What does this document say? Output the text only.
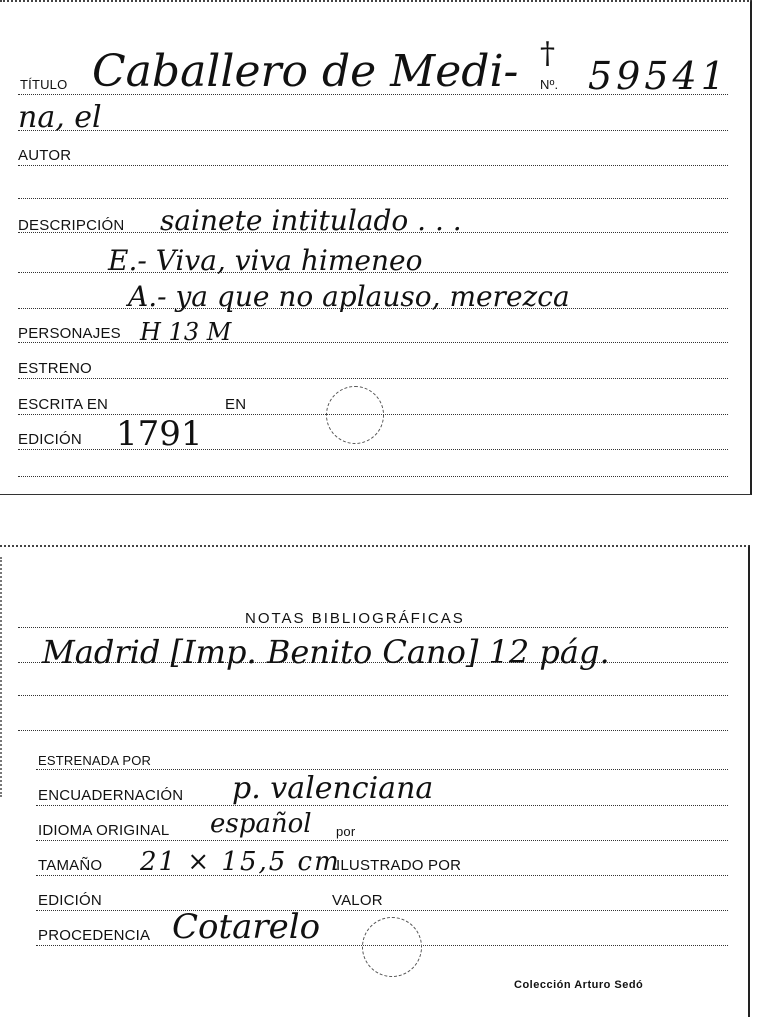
TÍTULO Caballero de Medi- Nº.
†
59541
na, el
AUTOR
DESCRIPCIÓN sainete intitulado . . .
E.- Viva, viva himeneo
A.- ya que no aplauso, merezca
PERSONAJES H 13 M
ESTRENO
ESCRITA EN	EN
EDICIÓN 1791
NOTAS BIBLIOGRÁFICAS
Madrid [Imp. Benito Cano] 12 pág.
ESTRENADA POR
ENCUADERNACIÓN p. valenciana
IDIOMA ORIGINAL español por
TAMAÑO 21 × 15,5 cm
ILUSTRADO POR
EDICIÓN	VALOR
PROCEDENCIA Cotarelo
Colección Arturo Sedó
